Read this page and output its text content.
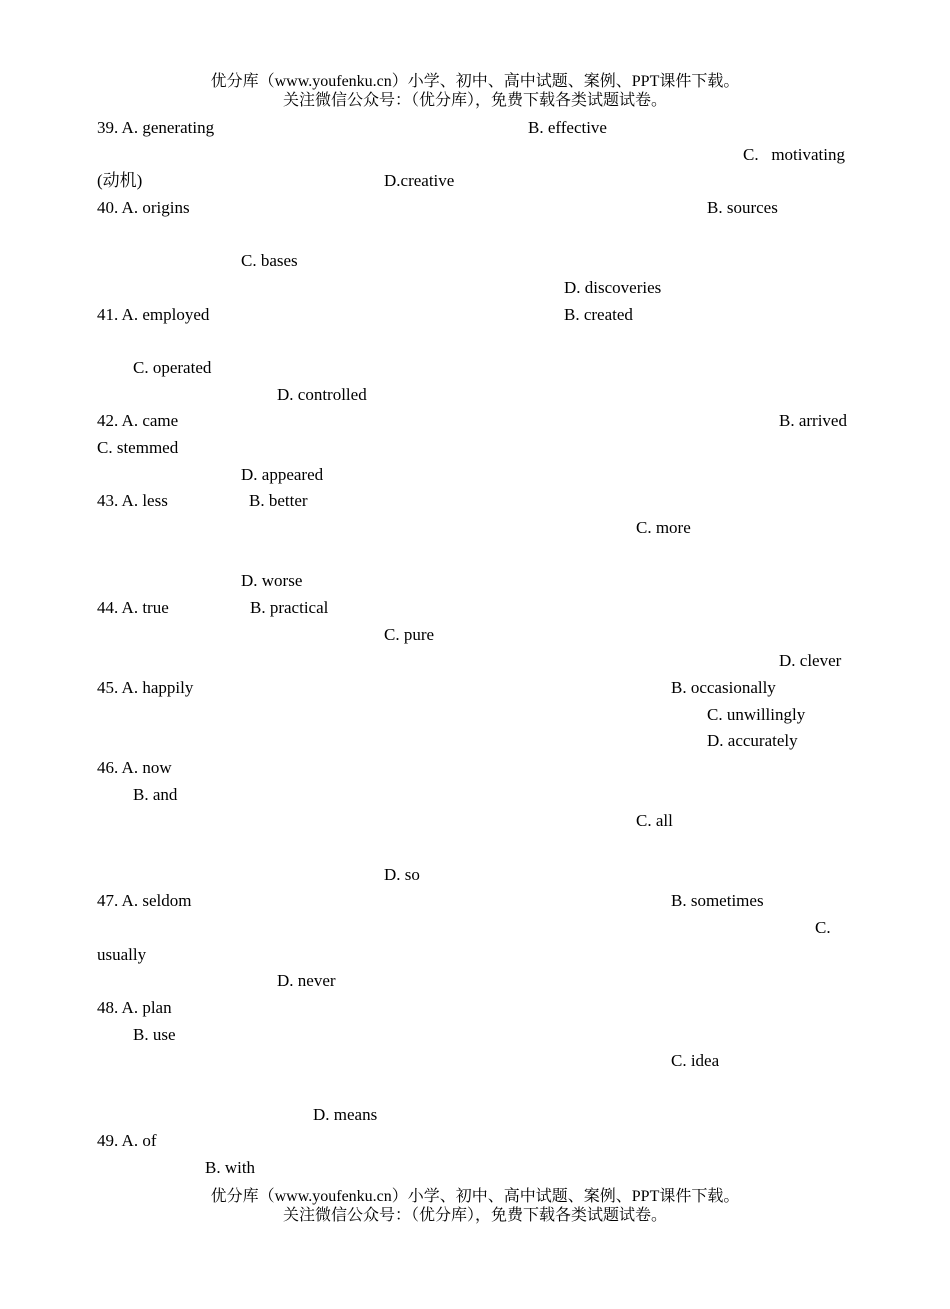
优分库（www.youfenku.cn）小学、初中、高中试题、案例、PPT课件下载。
关注微信公众号：（优分库），免费下载各类试题试卷。
39. A. generating	B. effective
C.   motivating
(动机)	D.creative
40. A. origins	B. sources
C. bases
D. discoveries
41. A. employed	B. created
C. operated
D. controlled
42. A. came	B. arrived
C. stemmed
D. appeared
43. A. less	B. better
C. more
D. worse
44. A. true	B. practical
C. pure
D. clever
45. A. happily	B. occasionally
C. unwillingly
D. accurately
46. A. now
B. and
C. all
D. so
47. A. seldom	B. sometimes
C.
usually
D. never
48. A. plan
B. use
C. idea
D. means
49. A. of
B. with
优分库（www.youfenku.cn）小学、初中、高中试题、案例、PPT课件下载。
关注微信公众号：（优分库），免费下载各类试题试卷。
